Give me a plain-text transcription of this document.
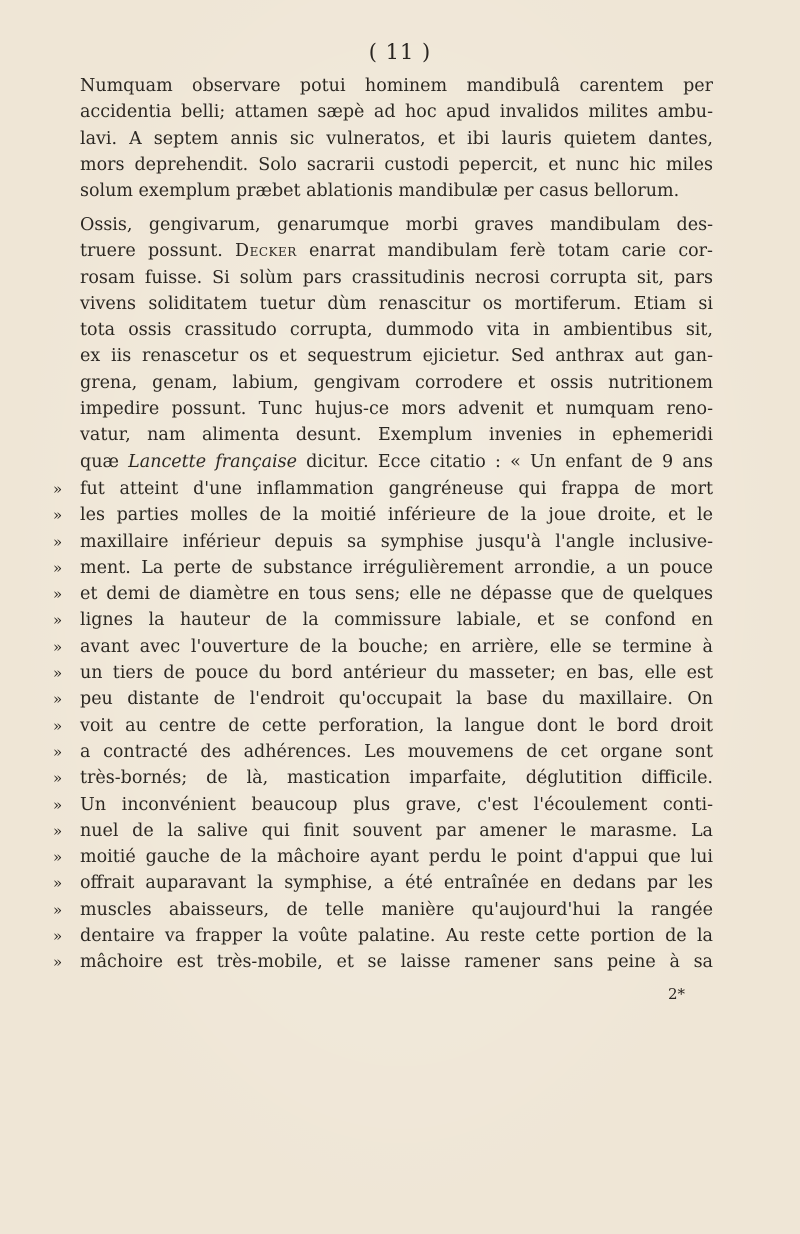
( 11 )
Numquam observare potui hominem mandibulâ carentem per
accidentia belli; attamen sæpè ad hoc apud invalidos milites ambu-
lavi. A septem annis sic vulneratos, et ibi lauris quietem dantes,
mors deprehendit. Solo sacrarii custodi pepercit, et nunc hic miles
solum exemplum præbet ablationis mandibulæ per casus bellorum.
Ossis, gengivarum, genarumque morbi graves mandibulam des-
truere possunt. Decker enarrat mandibulam ferè totam carie cor-
rosam fuisse. Si solùm pars crassitudinis necrosi corrupta sit, pars
vivens soliditatem tuetur dùm renascitur os mortiferum. Etiam si
tota ossis crassitudo corrupta, dummodo vita in ambientibus sit,
ex iis renascetur os et sequestrum ejicietur. Sed anthrax aut gan-
grena, genam, labium, gengivam corrodere et ossis nutritionem
impedire possunt. Tunc hujus-ce mors advenit et numquam reno-
vatur, nam alimenta desunt. Exemplum invenies in ephemeridi
quæ Lancette française dicitur. Ecce citatio : « Un enfant de 9 ans
»	fut atteint d'une inflammation gangréneuse qui frappa de mort
»	les parties molles de la moitié inférieure de la joue droite, et le
»	maxillaire inférieur depuis sa symphise jusqu'à l'angle inclusive-
»	ment. La perte de substance irrégulièrement arrondie, a un pouce
»	et demi de diamètre en tous sens; elle ne dépasse que de quelques
»	lignes la hauteur de la commissure labiale, et se confond en
»	avant avec l'ouverture de la bouche; en arrière, elle se termine à
»	un tiers de pouce du bord antérieur du masseter; en bas, elle est
»	peu distante de l'endroit qu'occupait la base du maxillaire. On
»	voit au centre de cette perforation, la langue dont le bord droit
»	a contracté des adhérences. Les mouvemens de cet organe sont
»	très-bornés; de là, mastication imparfaite, déglutition difficile.
»	Un inconvénient beaucoup plus grave, c'est l'écoulement conti-
»	nuel de la salive qui finit souvent par amener le marasme. La
»	moitié gauche de la mâchoire ayant perdu le point d'appui que lui
»	offrait auparavant la symphise, a été entraînée en dedans par les
»	muscles abaisseurs, de telle manière qu'aujourd'hui la rangée
»	dentaire va frapper la voûte palatine. Au reste cette portion de la
»	mâchoire est très-mobile, et se laisse ramener sans peine à sa
2*
